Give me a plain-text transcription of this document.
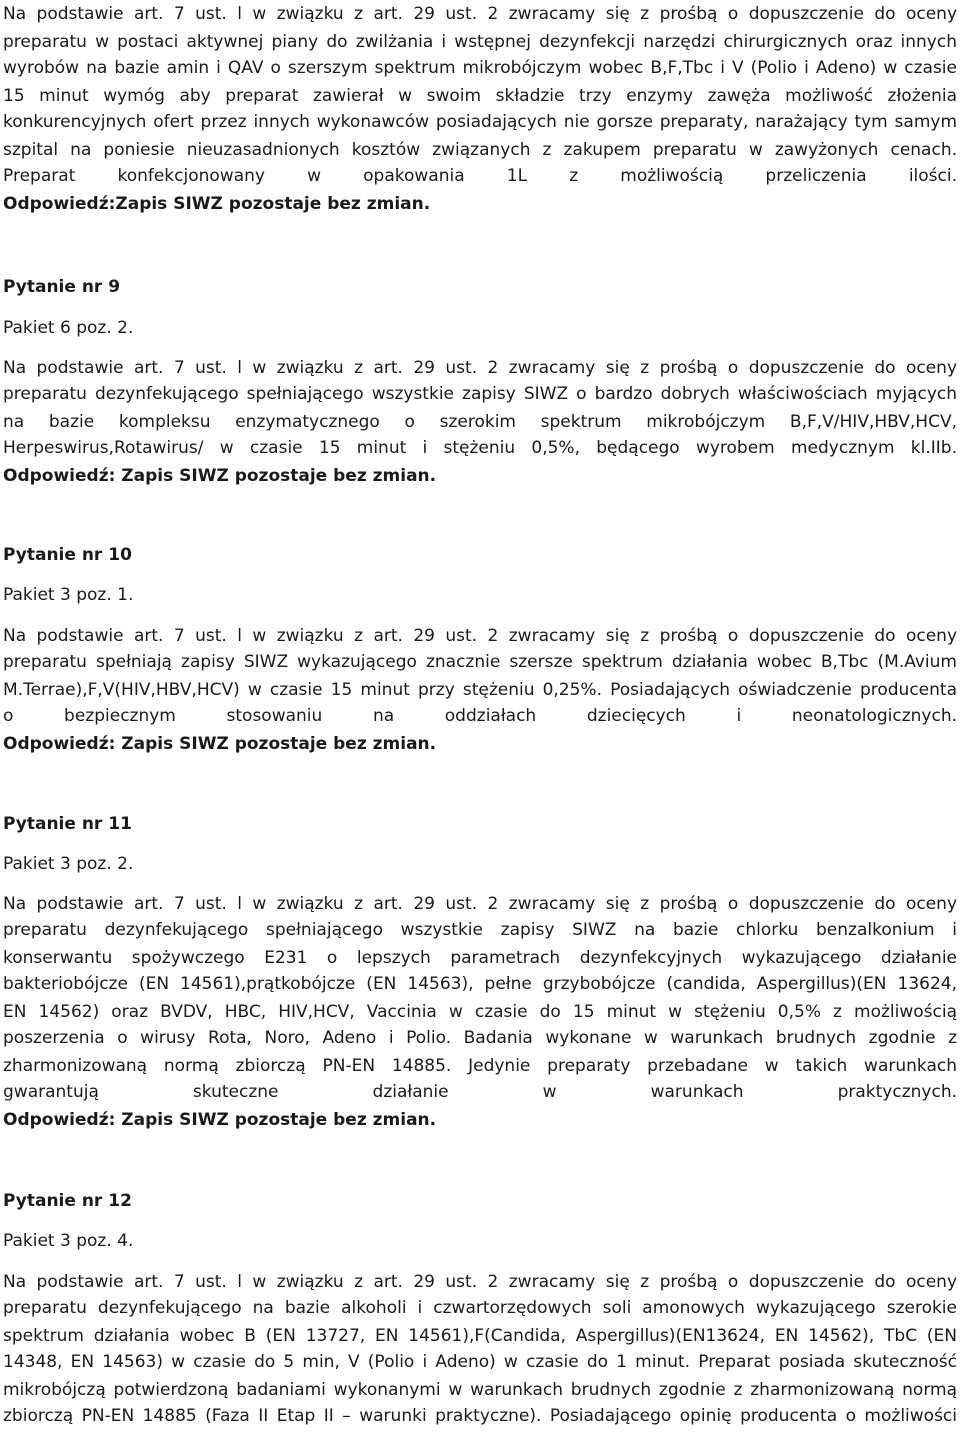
Na podstawie art. 7 ust. l w związku z art. 29 ust. 2 zwracamy się z prośbą o dopuszczenie do oceny
preparatu w postaci aktywnej piany do zwilżania i wstępnej dezynfekcji narzędzi chirurgicznych oraz innych
wyrobów na bazie amin i QAV o szerszym spektrum mikrobójczym wobec B,F,Tbc i V (Polio i Adeno) w czasie
15 minut wymóg aby preparat zawierał w swoim składzie trzy enzymy zawęża możliwość złożenia
konkurencyjnych ofert przez innych wykonawców posiadających nie gorsze preparaty, narażający tym samym
szpital na poniesie nieuzasadnionych kosztów związanych z zakupem preparatu w zawyżonych cenach.
Preparat konfekcjonowany w opakowania 1L z możliwością przeliczenia ilości.
Odpowiedź:Zapis SIWZ pozostaje bez zmian.
Pytanie nr 9
Pakiet 6 poz. 2.
Na podstawie art. 7 ust. l w związku z art. 29 ust. 2 zwracamy się z prośbą o dopuszczenie do oceny
preparatu dezynfekującego spełniającego wszystkie zapisy SIWZ o bardzo dobrych właściwościach myjących
na bazie kompleksu enzymatycznego o szerokim spektrum mikrobójczym B,F,V/HIV,HBV,HCV,
Herpeswirus,Rotawirus/ w czasie 15 minut i stężeniu 0,5%, będącego wyrobem medycznym kl.IIb.
Odpowiedź: Zapis SIWZ pozostaje bez zmian.
Pytanie nr 10
Pakiet 3 poz. 1.
Na podstawie art. 7 ust. l w związku z art. 29 ust. 2 zwracamy się z prośbą o dopuszczenie do oceny
preparatu spełniają zapisy SIWZ wykazującego znacznie szersze spektrum działania wobec B,Tbc (M.Avium
M.Terrae),F,V(HIV,HBV,HCV) w czasie 15 minut przy stężeniu 0,25%. Posiadających oświadczenie producenta
o bezpiecznym stosowaniu na oddziałach dziecięcych i neonatologicznych.
Odpowiedź: Zapis SIWZ pozostaje bez zmian.
Pytanie nr 11
Pakiet 3 poz. 2.
Na podstawie art. 7 ust. l w związku z art. 29 ust. 2 zwracamy się z prośbą o dopuszczenie do oceny
preparatu dezynfekującego spełniającego wszystkie zapisy SIWZ na bazie chlorku benzalkonium i
konserwantu spożywczego E231 o lepszych parametrach dezynfekcyjnych wykazującego działanie
bakteriobójcze (EN 14561),prątkobójcze (EN 14563), pełne grzybobójcze (candida, Aspergillus)(EN 13624,
EN 14562) oraz BVDV, HBC, HIV,HCV, Vaccinia w czasie do 15 minut w stężeniu 0,5% z możliwością
poszerzenia o wirusy Rota, Noro, Adeno i Polio. Badania wykonane w warunkach brudnych zgodnie z
zharmonizowaną normą zbiorczą PN-EN 14885. Jedynie preparaty przebadane w takich warunkach
gwarantują skuteczne działanie w warunkach praktycznych.
Odpowiedź: Zapis SIWZ pozostaje bez zmian.
Pytanie nr 12
Pakiet 3 poz. 4.
Na podstawie art. 7 ust. l w związku z art. 29 ust. 2 zwracamy się z prośbą o dopuszczenie do oceny
preparatu dezynfekującego na bazie alkoholi i czwartorzędowych soli amonowych wykazującego szerokie
spektrum działania wobec B (EN 13727, EN 14561),F(Candida, Aspergillus)(EN13624, EN 14562), TbC (EN
14348, EN 14563) w czasie do 5 min, V (Polio i Adeno) w czasie do 1 minut. Preparat posiada skuteczność
mikrobójczą potwierdzoną badaniami wykonanymi w warunkach brudnych zgodnie z zharmonizowaną normą
zbiorczą PN-EN 14885 (Faza II Etap II – warunki praktyczne). Posiadającego opinię producenta o możliwości
